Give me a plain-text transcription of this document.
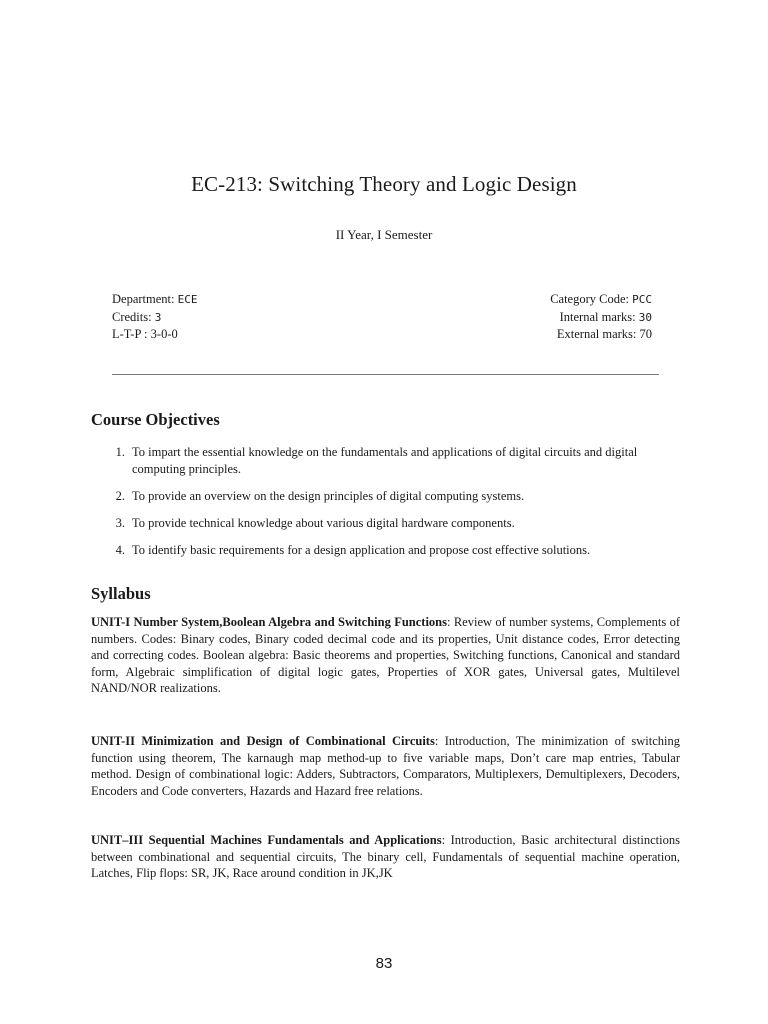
EC-213: Switching Theory and Logic Design
II Year, I Semester
Department: ECE
Credits: 3
L-T-P : 3-0-0
Category Code: PCC
Internal marks: 30
External marks: 70
Course Objectives
1. To impart the essential knowledge on the fundamentals and applications of digital circuits and digital computing principles.
2. To provide an overview on the design principles of digital computing systems.
3. To provide technical knowledge about various digital hardware components.
4. To identify basic requirements for a design application and propose cost effective solutions.
Syllabus
UNIT-I Number System,Boolean Algebra and Switching Functions: Review of number systems, Complements of numbers. Codes: Binary codes, Binary coded decimal code and its properties, Unit distance codes, Error detecting and correcting codes. Boolean algebra: Basic theorems and properties, Switching functions, Canonical and standard form, Algebraic simplification of digital logic gates, Properties of XOR gates, Universal gates, Multilevel NAND/NOR realizations.
UNIT-II Minimization and Design of Combinational Circuits: Introduction, The minimization of switching function using theorem, The karnaugh map method-up to five variable maps, Don’t care map entries, Tabular method. Design of combinational logic: Adders, Subtractors, Comparators, Multiplexers, Demultiplexers, Decoders, Encoders and Code converters, Hazards and Hazard free relations.
UNIT–III Sequential Machines Fundamentals and Applications: Introduction, Basic architectural distinctions between combinational and sequential circuits, The binary cell, Fundamentals of sequential machine operation, Latches, Flip flops: SR, JK, Race around condition in JK,JK
83
